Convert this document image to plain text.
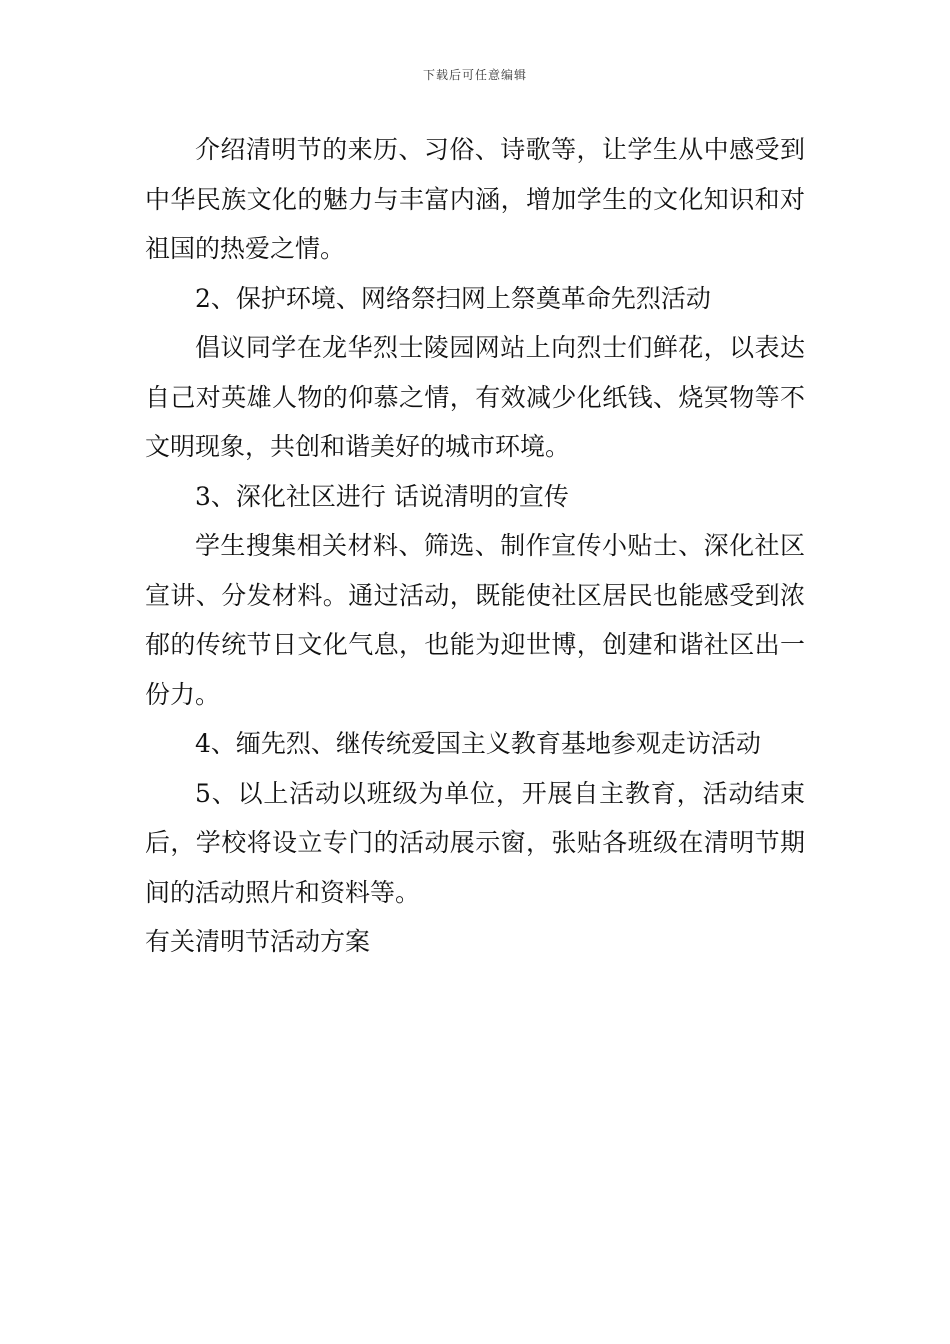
下载后可任意编辑

介绍清明节的来历、习俗、诗歌等，让学生从中感受到中华民族文化的魅力与丰富内涵，增加学生的文化知识和对祖国的热爱之情。

2、保护环境、网络祭扫网上祭奠革命先烈活动

倡议同学在龙华烈士陵园网站上向烈士们鲜花，以表达自己对英雄人物的仰慕之情，有效减少化纸钱、烧冥物等不文明现象，共创和谐美好的城市环境。

3、深化社区进行 话说清明的宣传

学生搜集相关材料、筛选、制作宣传小贴士、深化社区宣讲、分发材料。通过活动，既能使社区居民也能感受到浓郁的传统节日文化气息，也能为迎世博，创建和谐社区出一份力。

4、缅先烈、继传统爱国主义教育基地参观走访活动

5、以上活动以班级为单位，开展自主教育，活动结束后，学校将设立专门的活动展示窗，张贴各班级在清明节期间的活动照片和资料等。

有关清明节活动方案
